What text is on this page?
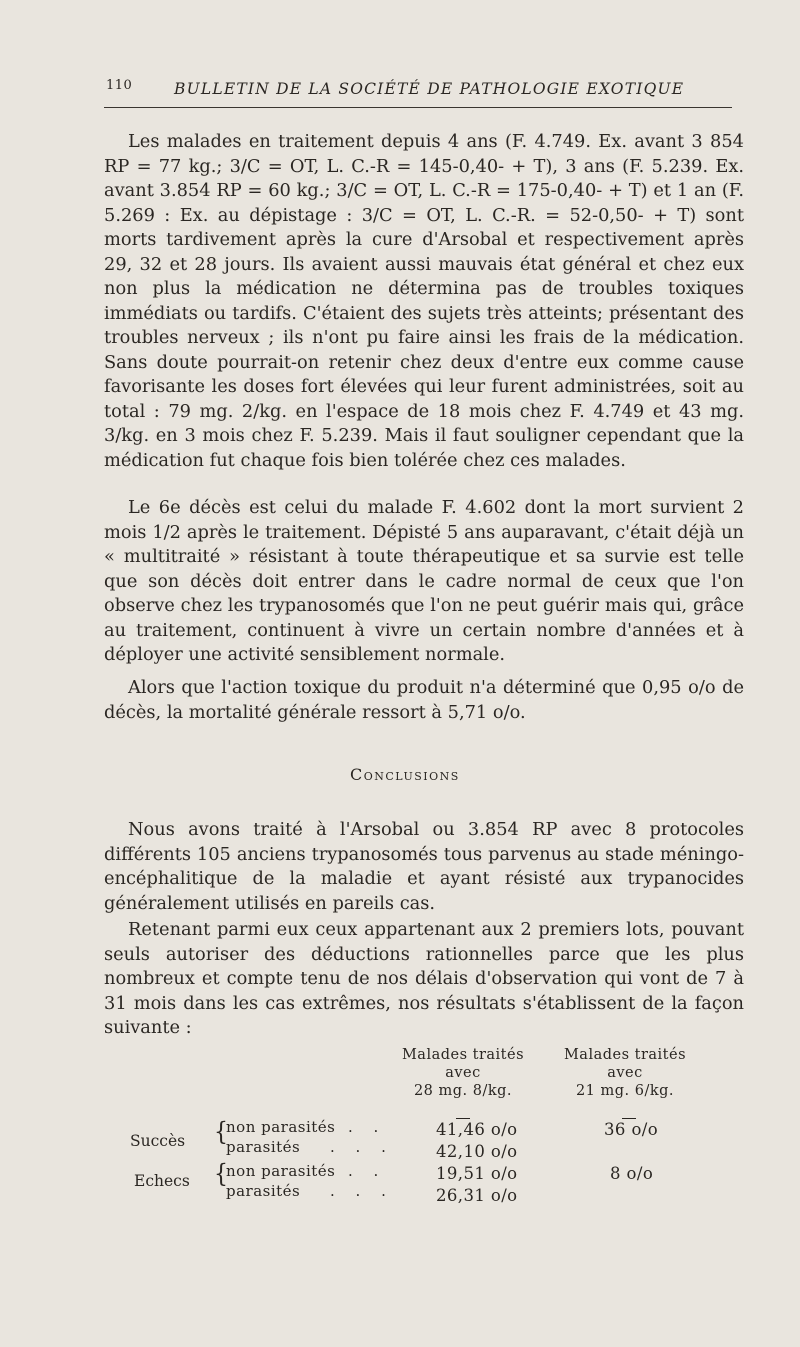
110	BULLETIN DE LA SOCIÉTÉ DE PATHOLOGIE EXOTIQUE

Les malades en traitement depuis 4 ans (F. 4.749. Ex. avant 3 854 RP = 77 kg.; 3/C = OT, L. C.-R = 145-0,40- + T), 3 ans (F. 5.239. Ex. avant 3.854 RP = 60 kg.; 3/C = OT, L. C.-R = 175-0,40- + T) et 1 an (F. 5.269 : Ex. au dépistage : 3/C = OT, L. C.-R. = 52-0,50- + T) sont morts tardivement après la cure d'Arsobal et respectivement après 29, 32 et 28 jours. Ils avaient aussi mauvais état général et chez eux non plus la médication ne détermina pas de troubles toxiques immédiats ou tardifs. C'étaient des sujets très atteints; présentant des troubles nerveux ; ils n'ont pu faire ainsi les frais de la médication. Sans doute pourrait-on retenir chez deux d'entre eux comme cause favorisante les doses fort élevées qui leur furent administrées, soit au total : 79 mg. 2/kg. en l'espace de 18 mois chez F. 4.749 et 43 mg. 3/kg. en 3 mois chez F. 5.239. Mais il faut souligner cependant que la médication fut chaque fois bien tolérée chez ces malades.

Le 6e décès est celui du malade F. 4.602 dont la mort survient 2 mois 1/2 après le traitement. Dépisté 5 ans auparavant, c'était déjà un « multitraité » résistant à toute thérapeutique et sa survie est telle que son décès doit entrer dans le cadre normal de ceux que l'on observe chez les trypanosomés que l'on ne peut guérir mais qui, grâce au traitement, continuent à vivre un certain nombre d'années et à déployer une activité sensiblement normale.

Alors que l'action toxique du produit n'a déterminé que 0,95 o/o de décès, la mortalité générale ressort à 5,71 o/o.

Conclusions

Nous avons traité à l'Arsobal ou 3.854 RP avec 8 protocoles différents 105 anciens trypanosomés tous parvenus au stade méningo-encéphalitique de la maladie et ayant résisté aux trypanocides généralement utilisés en pareils cas.

Retenant parmi eux ceux appartenant aux 2 premiers lots, pouvant seuls autoriser des déductions rationnelles parce que les plus nombreux et compte tenu de nos délais d'observation qui vont de 7 à 31 mois dans les cas extrêmes, nos résultats s'établissent de la façon suivante :

Malades traités
avec

28 mg. 8/kg.
Malades traités
avec

21 mg. 6/kg.
Succès {
non parasités . .
parasités . . .
41,46 o/o
42,10 o/o
36 o/o
Echecs {
non parasités . .
parasités . . .
19,51 o/o
26,31 o/o
8 o/o
